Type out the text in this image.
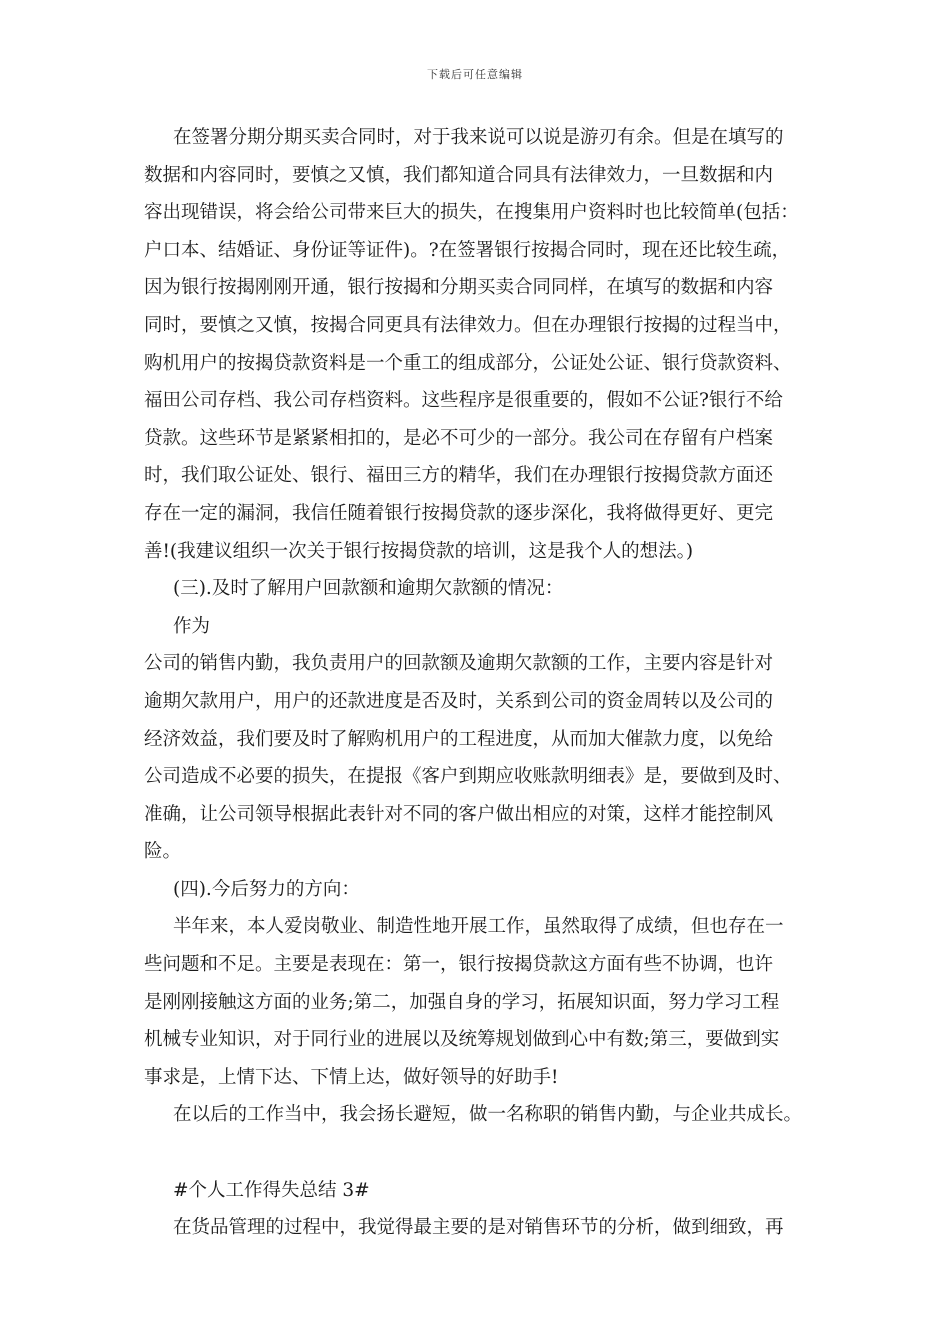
下载后可任意编辑
在签署分期分期买卖合同时，对于我来说可以说是游刃有余。但是在填写的
数据和内容同时，要慎之又慎，我们都知道合同具有法律效力，一旦数据和内
容出现错误，将会给公司带来巨大的损失，在搜集用户资料时也比较简单(包括：
户口本、结婚证、身份证等证件)。?在签署银行按揭合同时，现在还比较生疏，
因为银行按揭刚刚开通，银行按揭和分期买卖合同同样，在填写的数据和内容
同时，要慎之又慎，按揭合同更具有法律效力。但在办理银行按揭的过程当中，
购机用户的按揭贷款资料是一个重工的组成部分，公证处公证、银行贷款资料、
福田公司存档、我公司存档资料。这些程序是很重要的，假如不公证?银行不给
贷款。这些环节是紧紧相扣的，是必不可少的一部分。我公司在存留有户档案
时，我们取公证处、银行、福田三方的精华，我们在办理银行按揭贷款方面还
存在一定的漏洞，我信任随着银行按揭贷款的逐步深化，我将做得更好、更完
善!(我建议组织一次关于银行按揭贷款的培训，这是我个人的想法。)
(三).及时了解用户回款额和逾期欠款额的情况：
作为
公司的销售内勤，我负责用户的回款额及逾期欠款额的工作，主要内容是针对
逾期欠款用户，用户的还款进度是否及时，关系到公司的资金周转以及公司的
经济效益，我们要及时了解购机用户的工程进度，从而加大催款力度，以免给
公司造成不必要的损失，在提报《客户到期应收账款明细表》是，要做到及时、
准确，让公司领导根据此表针对不同的客户做出相应的对策，这样才能控制风
险。
(四).今后努力的方向：
半年来，本人爱岗敬业、制造性地开展工作，虽然取得了成绩，但也存在一
些问题和不足。主要是表现在：第一，银行按揭贷款这方面有些不协调，也许
是刚刚接触这方面的业务;第二，加强自身的学习，拓展知识面，努力学习工程
机械专业知识，对于同行业的进展以及统筹规划做到心中有数;第三，要做到实
事求是，上情下达、下情上达，做好领导的好助手!
在以后的工作当中，我会扬长避短，做一名称职的销售内勤，与企业共成长。
#个人工作得失总结 3#
在货品管理的过程中，我觉得最主要的是对销售环节的分析，做到细致，再
